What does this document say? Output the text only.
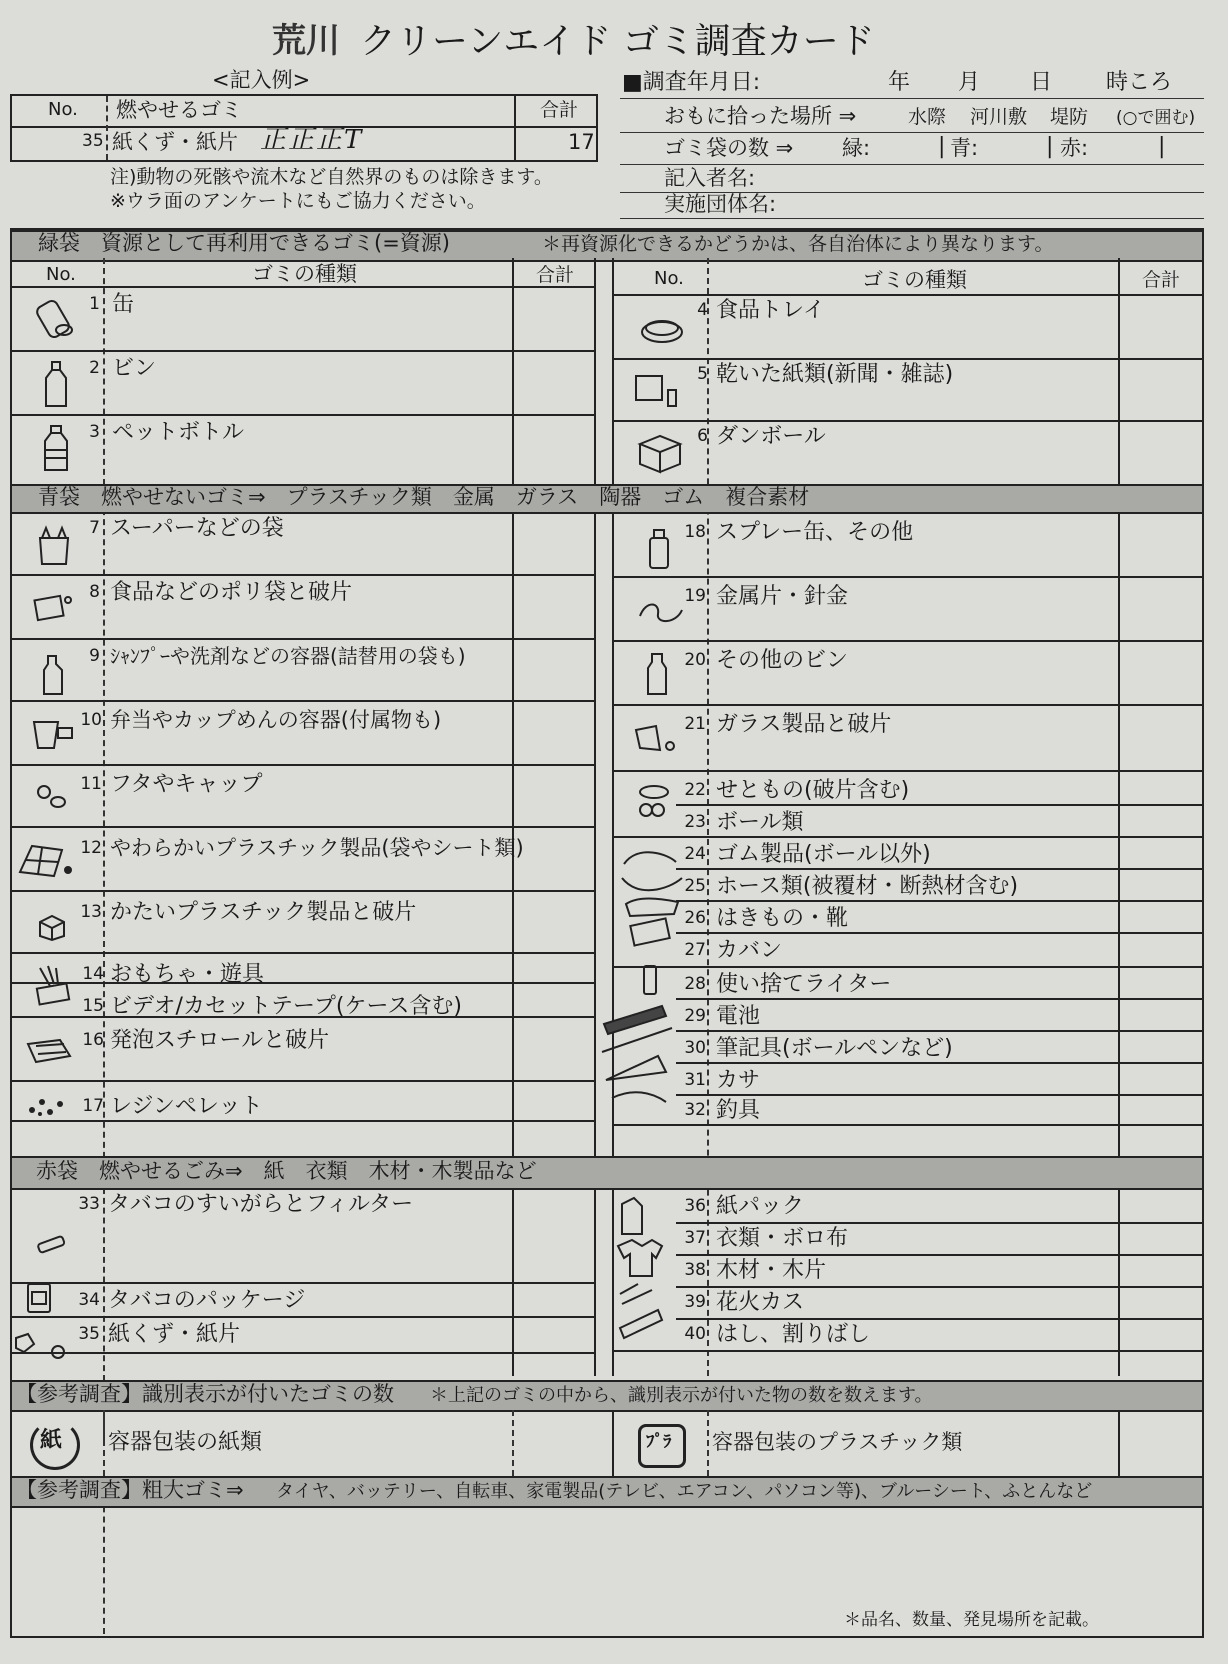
荒川 クリーンエイド ゴミ調査カード
<記入例>
No. 燃やせるゴミ	合計
35 紙くず・紙片 正正正T	17
注)動物の死骸や流木など自然界のものは除きます。
※ウラ面のアンケートにもご協力ください。
■調査年月日:	年 月 日 時ころ
おもに拾った場所 ⇒	水際 河川敷 堤防 (○で囲む)
ゴミ袋の数 ⇒ 緑:	| 青:	| 赤:	|
記入者名:
実施団体名:
緑袋　資源として再利用できるゴミ(=資源)	＊再資源化できるかどうかは、各自治体により異なります。
No.	ゴミの種類	合計	No.	ゴミの種類	合計
1 缶
2 ビン
3 ペットボトル
4 食品トレイ
5 乾いた紙類(新聞・雑誌)
6 ダンボール
青袋　燃やせないゴミ⇒　プラスチック類　金属　ガラス　陶器　ゴム　複合素材
7 スーパーなどの袋
8 食品などのポリ袋と破片
9 ｼｬﾝﾌﾟｰや洗剤などの容器(詰替用の袋も)
10 弁当やカップめんの容器(付属物も)
11 フタやキャップ
12 やわらかいプラスチック製品(袋やシート類)
13 かたいプラスチック製品と破片
14 おもちゃ・遊具
15 ビデオ/カセットテープ(ケース含む)
16 発泡スチロールと破片
17 レジンペレット
18 スプレー缶、その他
19 金属片・針金
20 その他のビン
21 ガラス製品と破片
22 せともの(破片含む)
23 ボール類
24 ゴム製品(ボール以外)
25 ホース類(被覆材・断熱材含む)
26 はきもの・靴
27 カバン
28 使い捨てライター
29 電池
30 筆記具(ボールペンなど)
31 カサ
32 釣具
赤袋　燃やせるごみ⇒　紙　衣類　木材・木製品など
33 タバコのすいがらとフィルター
34 タバコのパッケージ
35 紙くず・紙片
36 紙パック
37 衣類・ボロ布
38 木材・木片
39 花火カス
40 はし、割りばし
【参考調査】識別表示が付いたゴミの数 ＊上記のゴミの中から、識別表示が付いた物の数を数えます。
紙 容器包装の紙類	ﾌﾟﾗ 容器包装のプラスチック類
【参考調査】粗大ゴミ⇒ タイヤ、バッテリー、自転車、家電製品(テレビ、エアコン、パソコン等)、ブルーシート、ふとんなど
＊品名、数量、発見場所を記載。
